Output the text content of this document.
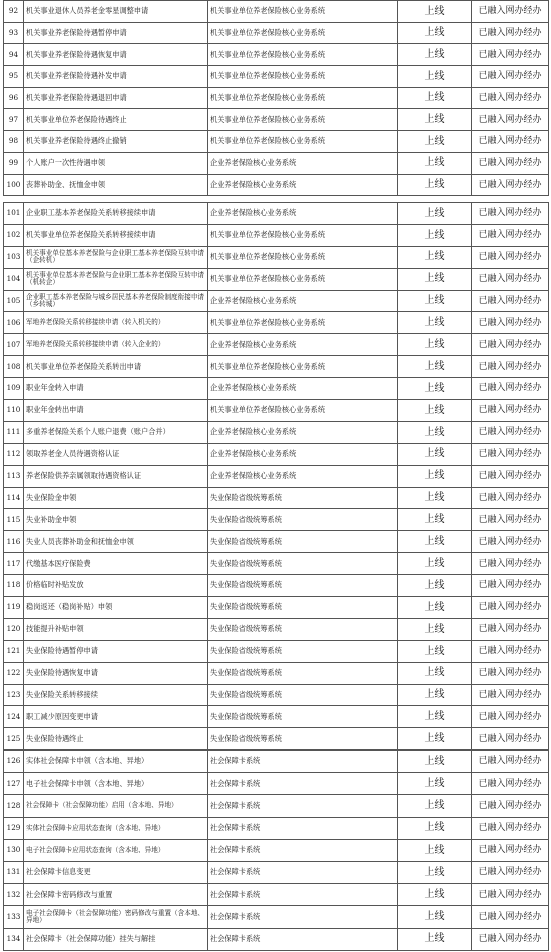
92	机关事业退休人员养老金零星调整申请	机关事业单位养老保险核心业务系统	上线	已融入网办经办
93	机关事业养老保险待遇暂停申请	机关事业单位养老保险核心业务系统	上线	已融入网办经办
94	机关事业养老保险待遇恢复申请	机关事业单位养老保险核心业务系统	上线	已融入网办经办
95	机关事业养老保险待遇补发申请	机关事业单位养老保险核心业务系统	上线	已融入网办经办
96	机关事业养老保险待遇退回申请	机关事业单位养老保险核心业务系统	上线	已融入网办经办
97	机关事业单位养老保险待遇终止	机关事业单位养老保险核心业务系统	上线	已融入网办经办
98	机关事业养老保险待遇终止撤销	机关事业单位养老保险核心业务系统	上线	已融入网办经办
99	个人账户一次性待遇申领	企业养老保险核心业务系统	上线	已融入网办经办
100	丧葬补助金、抚恤金申领	企业养老保险核心业务系统	上线	已融入网办经办
101	企业职工基本养老保险关系转移接续申请	企业养老保险核心业务系统	上线	已融入网办经办
102	机关事业单位养老保险关系转移接续申请	机关事业单位养老保险核心业务系统	上线	已融入网办经办
103	机关事业单位基本养老保险与企业职工基本养老保险互转申请（企转机）	机关事业单位养老保险核心业务系统	上线	已融入网办经办
104	机关事业单位基本养老保险与企业职工基本养老保险互转申请（机转企）	机关事业单位养老保险核心业务系统	上线	已融入网办经办
105	企业职工基本养老保险与城乡居民基本养老保险制度衔接申请（乡转城）	企业养老保险核心业务系统	上线	已融入网办经办
106	军地养老保险关系转移接续申请（转入机关的）	机关事业单位养老保险核心业务系统	上线	已融入网办经办
107	军地养老保险关系转移接续申请（转入企业的）	企业养老保险核心业务系统	上线	已融入网办经办
108	机关事业单位养老保险关系转出申请	机关事业单位养老保险核心业务系统	上线	已融入网办经办
109	职业年金转入申请	企业养老保险核心业务系统	上线	已融入网办经办
110	职业年金转出申请	机关事业单位养老保险核心业务系统	上线	已融入网办经办
111	多重养老保险关系个人账户退费（账户合并）	企业养老保险核心业务系统	上线	已融入网办经办
112	领取养老金人员待遇资格认证	企业养老保险核心业务系统	上线	已融入网办经办
113	养老保险供养亲属领取待遇资格认证	企业养老保险核心业务系统	上线	已融入网办经办
114	失业保险金申领	失业保险省级统筹系统	上线	已融入网办经办
115	失业补助金申领	失业保险省级统筹系统	上线	已融入网办经办
116	失业人员丧葬补助金和抚恤金申领	失业保险省级统筹系统	上线	已融入网办经办
117	代缴基本医疗保险费	失业保险省级统筹系统	上线	已融入网办经办
118	价格临时补贴发放	失业保险省级统筹系统	上线	已融入网办经办
119	稳岗返还（稳岗补贴）申领	失业保险省级统筹系统	上线	已融入网办经办
120	技能提升补贴申领	失业保险省级统筹系统	上线	已融入网办经办
121	失业保险待遇暂停申请	失业保险省级统筹系统	上线	已融入网办经办
122	失业保险待遇恢复申请	失业保险省级统筹系统	上线	已融入网办经办
123	失业保险关系转移接续	失业保险省级统筹系统	上线	已融入网办经办
124	职工减少原因变更申请	失业保险省级统筹系统	上线	已融入网办经办
125	失业保险待遇终止	失业保险省级统筹系统	上线	已融入网办经办
126	实体社会保障卡申领（含本地、异地）	社会保障卡系统	上线	已融入网办经办
127	电子社会保障卡申领（含本地、异地）	社会保障卡系统	上线	已融入网办经办
128	社会保障卡（社会保障功能）启用（含本地、异地）	社会保障卡系统	上线	已融入网办经办
129	实体社会保障卡应用状态查询（含本地、异地）	社会保障卡系统	上线	已融入网办经办
130	电子社会保障卡应用状态查询（含本地、异地）	社会保障卡系统	上线	已融入网办经办
131	社会保障卡信息变更	社会保障卡系统	上线	已融入网办经办
132	社会保障卡密码修改与重置	社会保障卡系统	上线	已融入网办经办
133	电子社会保障卡（社会保障功能）密码修改与重置（含本地、异地）	社会保障卡系统	上线	已融入网办经办
134	社会保障卡（社会保障功能）挂失与解挂	社会保障卡系统	上线	已融入网办经办
